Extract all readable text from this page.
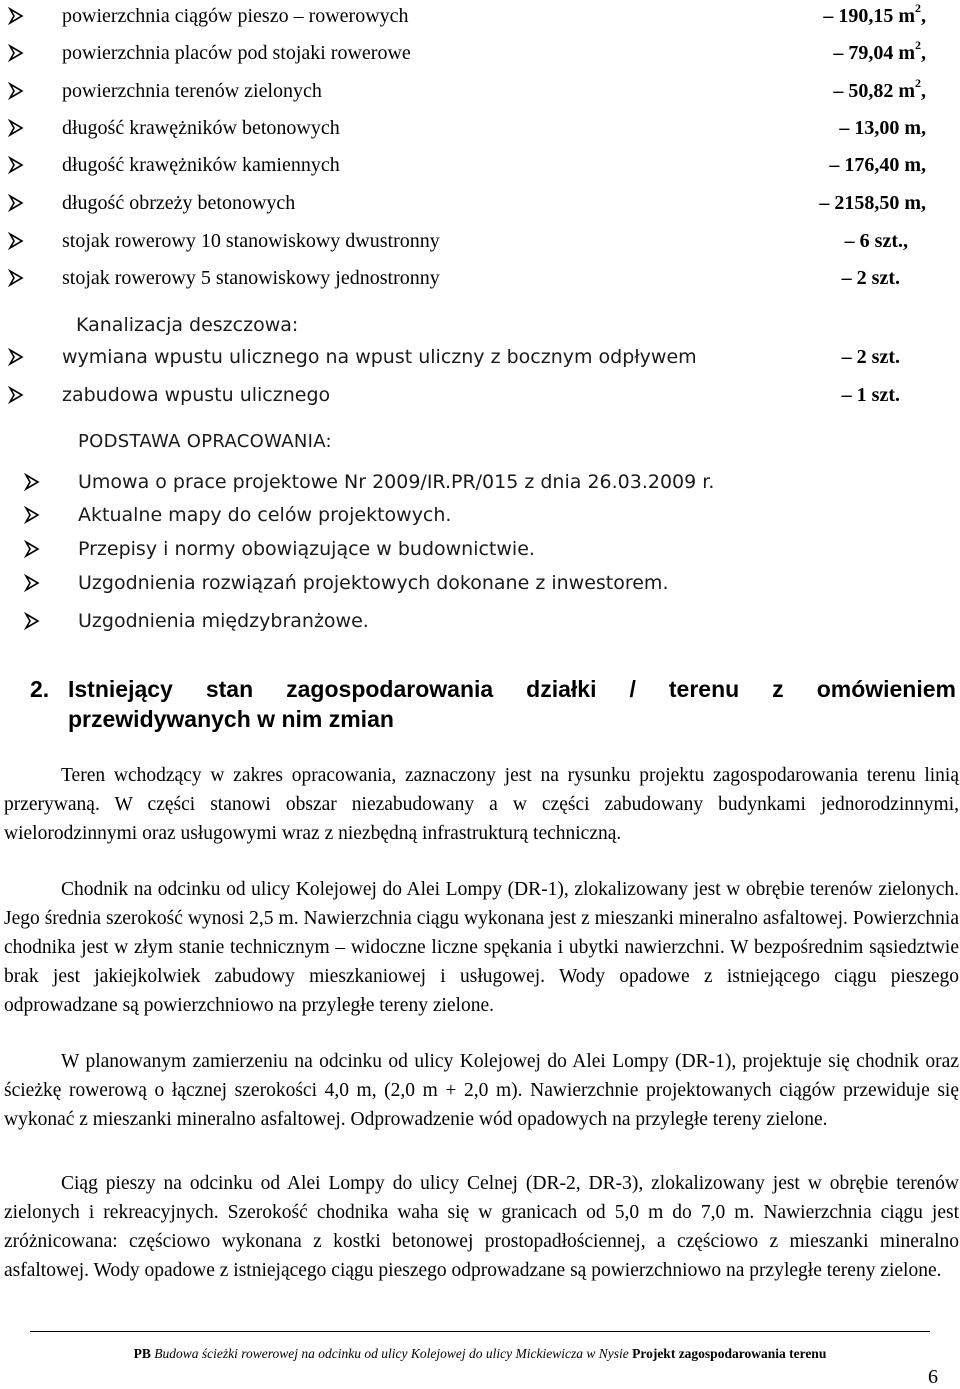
powierzchnia ciągów pieszo – rowerowych	– 190,15 $m^2$,
powierzchnia placów pod stojaki rowerowe	– 79,04 $m^2$,
powierzchnia terenów zielonych	– 50,82 $m^2$,
długość krawężników betonowych	– 13,00 m,
długość krawężników kamiennych	– 176,40 m,
długość obrzeży betonowych	– 2158,50 m,
stojak rowerowy 10 stanowiskowy dwustronny	– 6 szt.,
stojak rowerowy 5 stanowiskowy jednostronny	– 2 szt.
Kanalizacja deszczowa:
wymiana wpustu ulicznego na wpust uliczny z bocznym odpływem	– 2 szt.
zabudowa wpustu ulicznego	– 1 szt.
PODSTAWA OPRACOWANIA:
Umowa o prace projektowe Nr 2009/IR.PR/015 z dnia 26.03.2009 r.
Aktualne mapy do celów projektowych.
Przepisy i normy obowiązujące w budownictwie.
Uzgodnienia rozwiązań projektowych dokonane z inwestorem.
Uzgodnienia międzybranżowe.
2. Istniejący stan zagospodarowania działki / terenu z omówieniem przewidywanych w nim zmian

Teren wchodzący w zakres opracowania, zaznaczony jest na rysunku projektu zagospodarowania terenu linią przerywaną. W części stanowi obszar niezabudowany a w części zabudowany budynkami jednorodzinnymi, wielorodzinnymi oraz usługowymi wraz z niezbędną infrastrukturą techniczną.

Chodnik na odcinku od ulicy Kolejowej do Alei Lompy (DR-1), zlokalizowany jest w obrębie terenów zielonych. Jego średnia szerokość wynosi 2,5 m. Nawierzchnia ciągu wykonana jest z mieszanki mineralno asfaltowej. Powierzchnia chodnika jest w złym stanie technicznym – widoczne liczne spękania i ubytki nawierzchni. W bezpośrednim sąsiedztwie brak jest jakiejkolwiek zabudowy mieszkaniowej i usługowej. Wody opadowe z istniejącego ciągu pieszego odprowadzane są powierzchniowo na przyległe tereny zielone.

W planowanym zamierzeniu na odcinku od ulicy Kolejowej do Alei Lompy (DR-1), projektuje się chodnik oraz ścieżkę rowerową o łącznej szerokości 4,0 m, (2,0 m + 2,0 m). Nawierzchnie projektowanych ciągów przewiduje się wykonać z mieszanki mineralno asfaltowej. Odprowadzenie wód opadowych na przyległe tereny zielone.

Ciąg pieszy na odcinku od Alei Lompy do ulicy Celnej (DR-2, DR-3), zlokalizowany jest w obrębie terenów zielonych i rekreacyjnych. Szerokość chodnika waha się w granicach od 5,0 m do 7,0 m. Nawierzchnia ciągu jest zróżnicowana: częściowo wykonana z kostki betonowej prostopadłościennej, a częściowo z mieszanki mineralno asfaltowej. Wody opadowe z istniejącego ciągu pieszego odprowadzane są powierzchniowo na przyległe tereny zielone.

PB Budowa ścieżki rowerowej na odcinku od ulicy Kolejowej do ulicy Mickiewicza w Nysie Projekt zagospodarowania terenu
6
